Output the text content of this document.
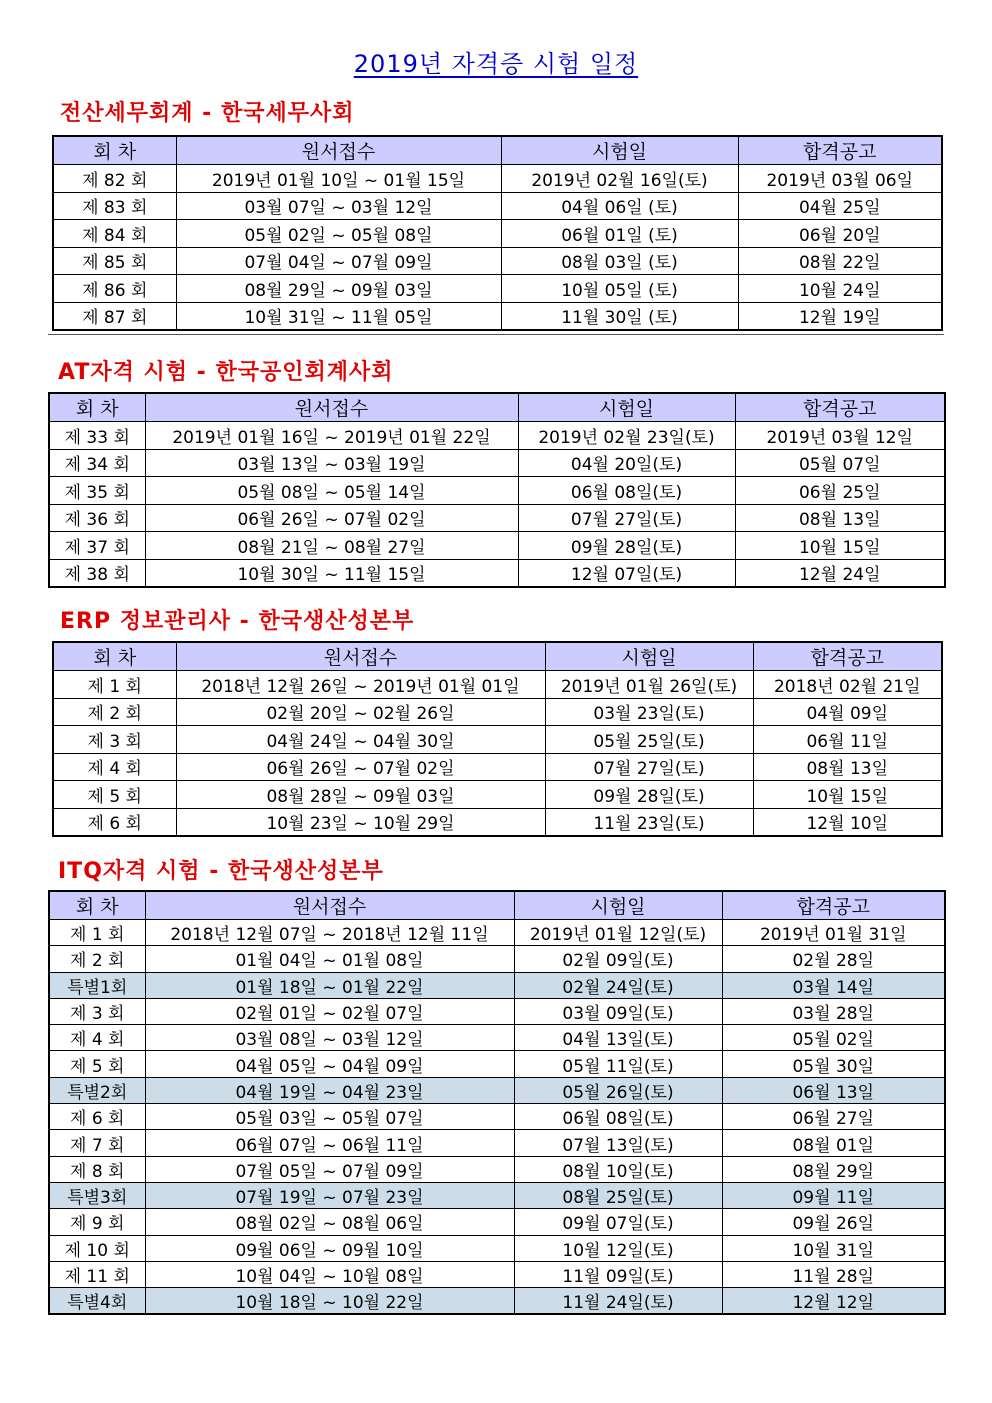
2019년 자격증 시험 일정
전산세무회계 - 한국세무사회
회 차	원서접수	시험일	합격공고
제 82 회	2019년 01월 10일 ~ 01월 15일	2019년 02월 16일(토)	2019년 03월 06일
제 83 회	03월 07일 ~ 03월 12일	04월 06일 (토)	04월 25일
제 84 회	05월 02일 ~ 05월 08일	06월 01일 (토)	06월 20일
제 85 회	07월 04일 ~ 07월 09일	08월 03일 (토)	08월 22일
제 86 회	08월 29일 ~ 09월 03일	10월 05일 (토)	10월 24일
제 87 회	10월 31일 ~ 11월 05일	11월 30일 (토)	12월 19일
AT자격 시험 - 한국공인회계사회
회 차	원서접수	시험일	합격공고
제 33 회	2019년 01월 16일 ~ 2019년 01월 22일	2019년 02월 23일(토)	2019년 03월 12일
제 34 회	03월 13일 ~ 03월 19일	04월 20일(토)	05월 07일
제 35 회	05월 08일 ~ 05월 14일	06월 08일(토)	06월 25일
제 36 회	06월 26일 ~ 07월 02일	07월 27일(토)	08월 13일
제 37 회	08월 21일 ~ 08월 27일	09월 28일(토)	10월 15일
제 38 회	10월 30일 ~ 11월 15일	12월 07일(토)	12월 24일
ERP 정보관리사 - 한국생산성본부
회 차	원서접수	시험일	합격공고
제 1 회	2018년 12월 26일 ~ 2019년 01월 01일	2019년 01월 26일(토)	2018년 02월 21일
제 2 회	02월 20일 ~ 02월 26일	03월 23일(토)	04월 09일
제 3 회	04월 24일 ~ 04월 30일	05월 25일(토)	06월 11일
제 4 회	06월 26일 ~ 07월 02일	07월 27일(토)	08월 13일
제 5 회	08월 28일 ~ 09월 03일	09월 28일(토)	10월 15일
제 6 회	10월 23일 ~ 10월 29일	11월 23일(토)	12월 10일
ITQ자격 시험 - 한국생산성본부
회 차	원서접수	시험일	합격공고
제 1 회	2018년 12월 07일 ~ 2018년 12월 11일	2019년 01월 12일(토)	2019년 01월 31일
제 2 회	01월 04일 ~ 01월 08일	02월 09일(토)	02월 28일
특별1회	01월 18일 ~ 01월 22일	02월 24일(토)	03월 14일
제 3 회	02월 01일 ~ 02월 07일	03월 09일(토)	03월 28일
제 4 회	03월 08일 ~ 03월 12일	04월 13일(토)	05월 02일
제 5 회	04월 05일 ~ 04월 09일	05월 11일(토)	05월 30일
특별2회	04월 19일 ~ 04월 23일	05월 26일(토)	06월 13일
제 6 회	05월 03일 ~ 05월 07일	06월 08일(토)	06월 27일
제 7 회	06월 07일 ~ 06월 11일	07월 13일(토)	08월 01일
제 8 회	07월 05일 ~ 07월 09일	08월 10일(토)	08월 29일
특별3회	07월 19일 ~ 07월 23일	08월 25일(토)	09월 11일
제 9 회	08월 02일 ~ 08월 06일	09월 07일(토)	09월 26일
제 10 회	09월 06일 ~ 09월 10일	10월 12일(토)	10월 31일
제 11 회	10월 04일 ~ 10월 08일	11월 09일(토)	11월 28일
특별4회	10월 18일 ~ 10월 22일	11월 24일(토)	12월 12일
